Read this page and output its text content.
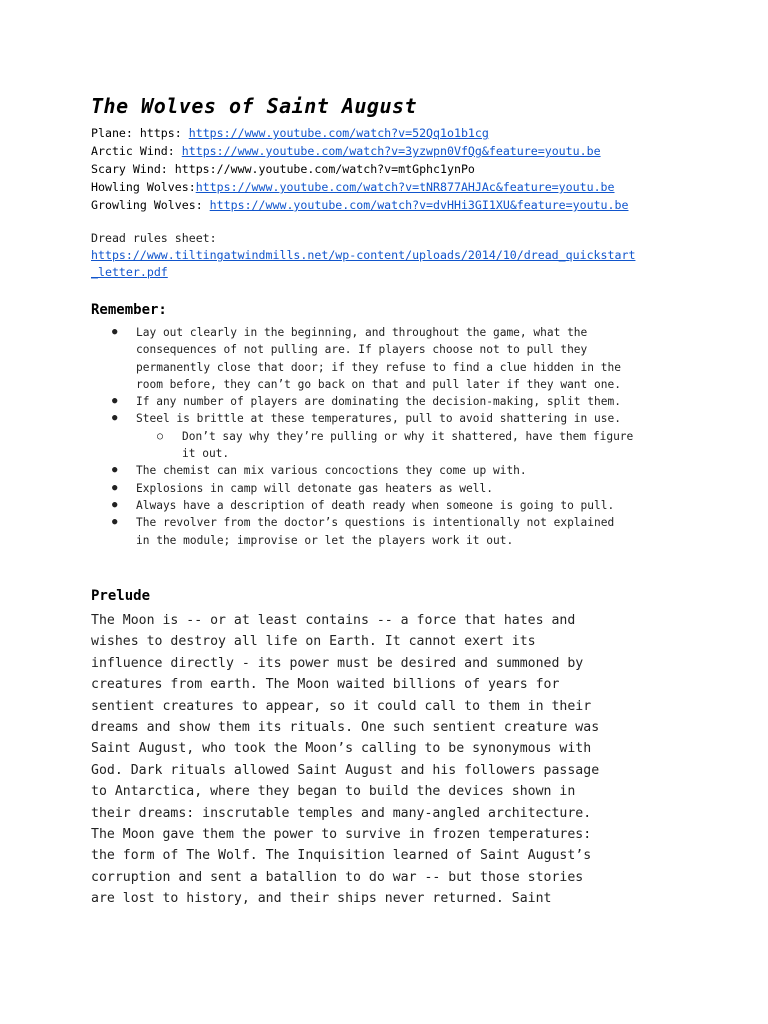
The Wolves of Saint August
Plane: https: https://www.youtube.com/watch?v=52Qq1o1b1cg
Arctic Wind: https://www.youtube.com/watch?v=3yzwpn0VfQg&feature=youtu.be
Scary Wind: https://www.youtube.com/watch?v=mtGphc1ynPo
Howling Wolves:https://www.youtube.com/watch?v=tNR877AHJAc&feature=youtu.be
Growling Wolves: https://www.youtube.com/watch?v=dvHHi3GI1XU&feature=youtu.be
Dread rules sheet:
https://www.tiltingatwindmills.net/wp-content/uploads/2014/10/dread_quickstart
_letter.pdf
Remember:
● Lay out clearly in the beginning, and throughout the game, what the
consequences of not pulling are. If players choose not to pull they
permanently close that door; if they refuse to find a clue hidden in the
room before, they can’t go back on that and pull later if they want one.
● If any number of players are dominating the decision-making, split them.
● Steel is brittle at these temperatures, pull to avoid shattering in use.
○ Don’t say why they’re pulling or why it shattered, have them figure
it out.
● The chemist can mix various concoctions they come up with.
● Explosions in camp will detonate gas heaters as well.
● Always have a description of death ready when someone is going to pull.
● The revolver from the doctor’s questions is intentionally not explained
in the module; improvise or let the players work it out.
Prelude
The Moon is -- or at least contains -- a force that hates and
wishes to destroy all life on Earth. It cannot exert its
influence directly - its power must be desired and summoned by
creatures from earth. The Moon waited billions of years for
sentient creatures to appear, so it could call to them in their
dreams and show them its rituals. One such sentient creature was
Saint August, who took the Moon’s calling to be synonymous with
God. Dark rituals allowed Saint August and his followers passage
to Antarctica, where they began to build the devices shown in
their dreams: inscrutable temples and many-angled architecture.
The Moon gave them the power to survive in frozen temperatures:
the form of The Wolf. The Inquisition learned of Saint August’s
corruption and sent a batallion to do war -- but those stories
are lost to history, and their ships never returned. Saint
